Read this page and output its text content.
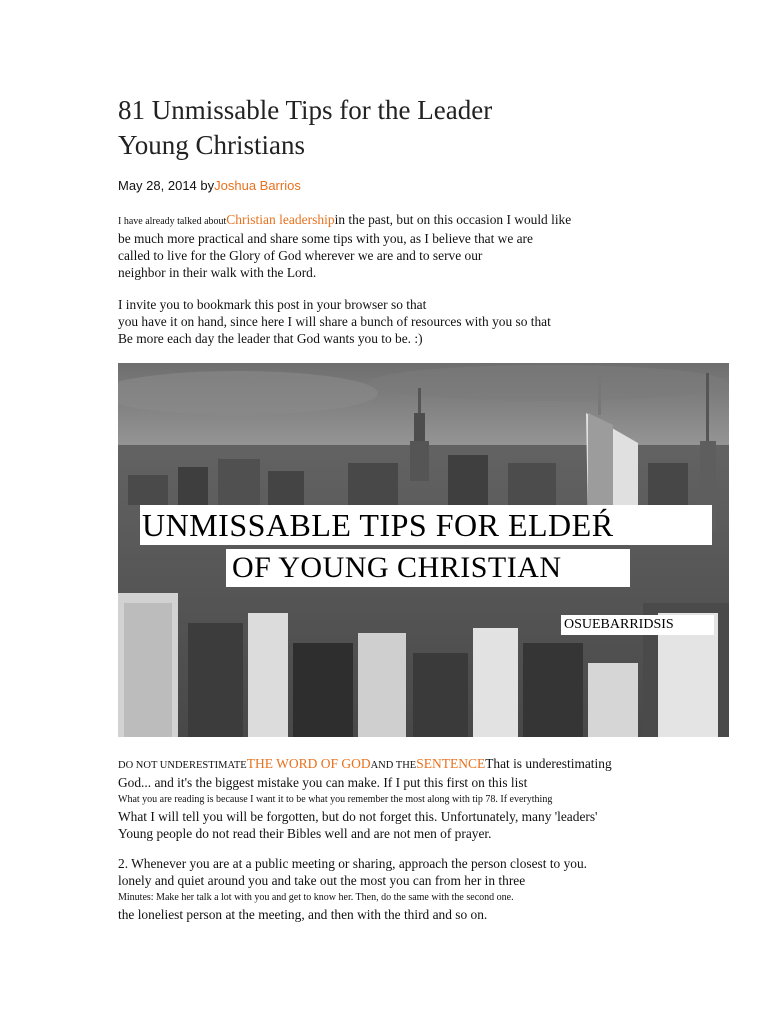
81 Unmissable Tips for the Leader
Young Christians
May 28, 2014 byJoshua Barrios
I have already talked aboutChristian leadershipin the past, but on this occasion I would like
be much more practical and share some tips with you, as I believe that we are
called to live for the Glory of God wherever we are and to serve our
neighbor in their walk with the Lord.
I invite you to bookmark this post in your browser so that
you have it on hand, since here I will share a bunch of resources with you so that
Be more each day the leader that God wants you to be. :)
UNMISSABLE TIPS FOR ELDEŔ
OF YOUNG CHRISTIAN
OSUEBARRIDSIS
DO NOT UNDERESTIMATETHE WORD OF GODAND THESENTENCEThat is underestimating
God... and it's the biggest mistake you can make. If I put this first on this list
What you are reading is because I want it to be what you remember the most along with tip 78. If everything
What I will tell you will be forgotten, but do not forget this. Unfortunately, many 'leaders'
Young people do not read their Bibles well and are not men of prayer.
2. Whenever you are at a public meeting or sharing, approach the person closest to you.
lonely and quiet around you and take out the most you can from her in three
Minutes: Make her talk a lot with you and get to know her. Then, do the same with the second one.
the loneliest person at the meeting, and then with the third and so on.
